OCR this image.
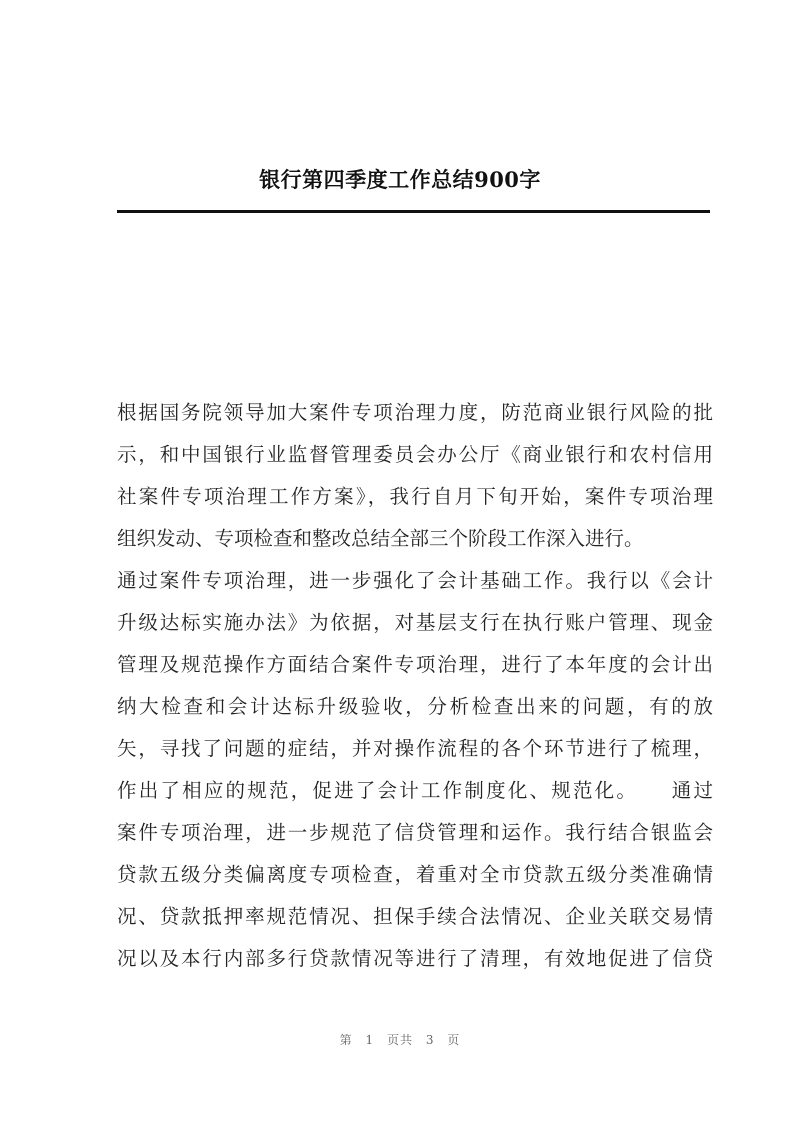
银行第四季度工作总结900字
根据国务院领导加大案件专项治理力度，防范商业银行风险的批
示，和中国银行业监督管理委员会办公厅《商业银行和农村信用
社案件专项治理工作方案》，我行自月下旬开始，案件专项治理
组织发动、专项检查和整改总结全部三个阶段工作深入进行。
通过案件专项治理，进一步强化了会计基础工作。我行以《会计
升级达标实施办法》为依据，对基层支行在执行账户管理、现金
管理及规范操作方面结合案件专项治理，进行了本年度的会计出
纳大检查和会计达标升级验收，分析检查出来的问题，有的放
矢，寻找了问题的症结，并对操作流程的各个环节进行了梳理，
作出了相应的规范，促进了会计工作制度化、规范化。　　通过
案件专项治理，进一步规范了信贷管理和运作。我行结合银监会
贷款五级分类偏离度专项检查，着重对全市贷款五级分类准确情
况、贷款抵押率规范情况、担保手续合法情况、企业关联交易情
况以及本行内部多行贷款情况等进行了清理，有效地促进了信贷
第 1 页共 3 页
